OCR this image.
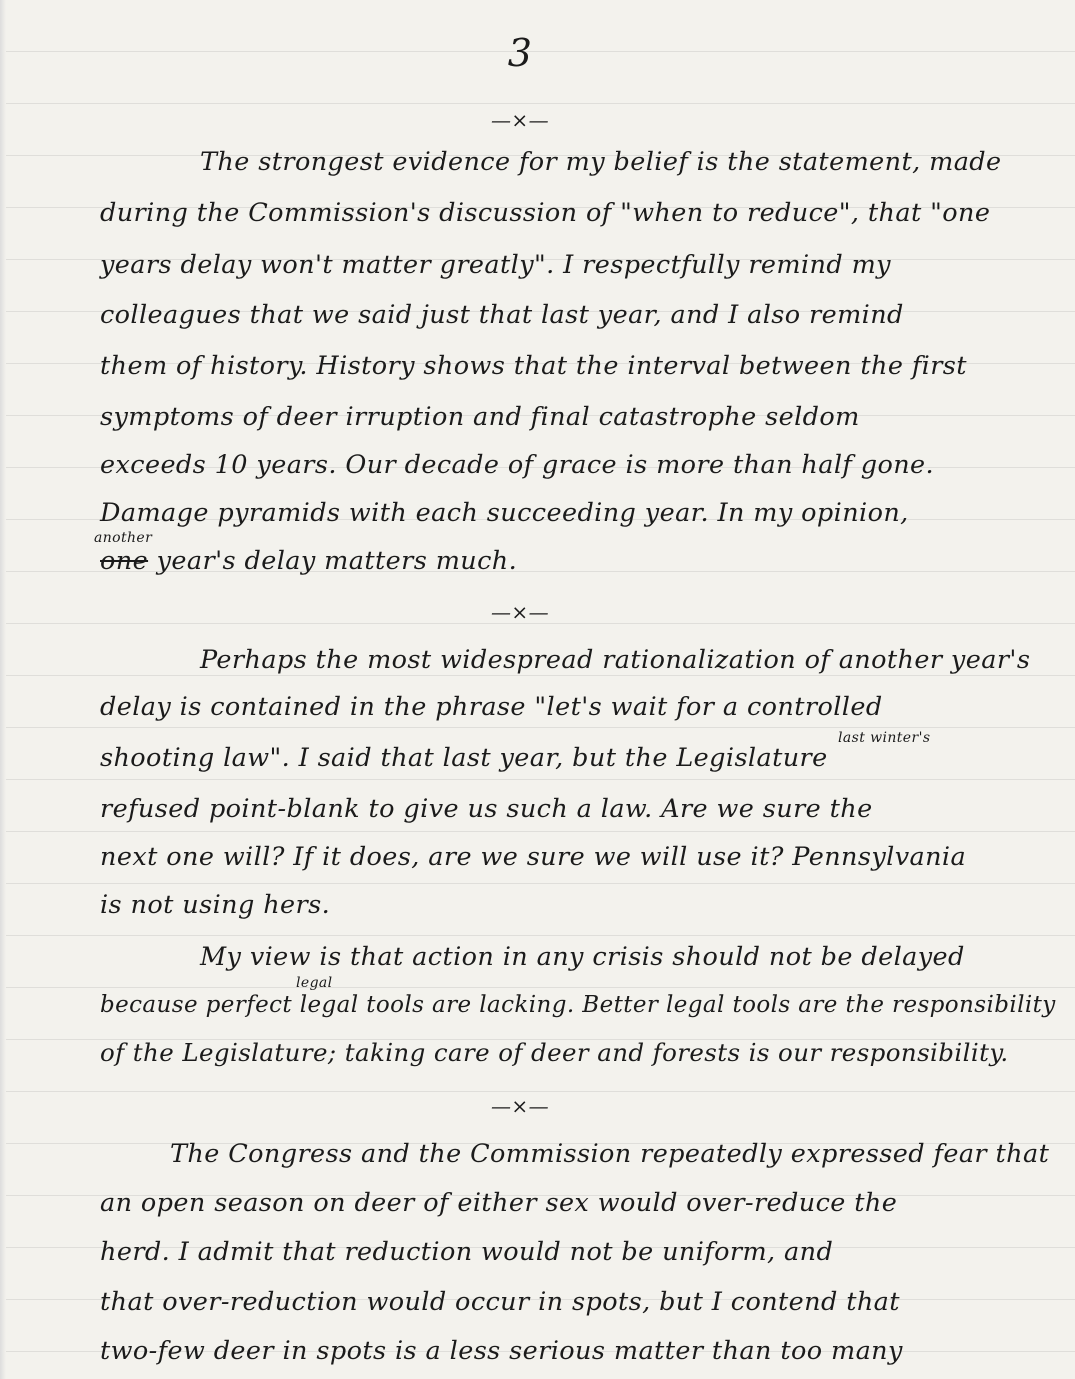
3
—×—
The strongest evidence for my belief is the statement, made
during the Commission's discussion of "when to reduce", that "one
years delay won't matter greatly". I respectfully remind my
colleagues that we said just that last year, and I also remind
them of history. History shows that the interval between the first
symptoms of deer irruption and final catastrophe seldom
exceeds 10 years. Our decade of grace is more than half gone.
Damage pyramids with each succeeding year. In my opinion,
another
one year's delay matters much.
—×—
Perhaps the most widespread rationalization of another year's
delay is contained in the phrase "let's wait for a controlled
last winter's
shooting law". I said that last year, but the Legislature
refused point-blank to give us such a law. Are we sure the
next one will? If it does, are we sure we will use it? Pennsylvania
is not using hers.
My view is that action in any crisis should not be delayed
legal
because perfect legal tools are lacking. Better legal tools are the responsibility
of the Legislature; taking care of deer and forests is our responsibility.
—×—
The Congress and the Commission repeatedly expressed fear that
an open season on deer of either sex would over-reduce the
herd. I admit that reduction would not be uniform, and
that over-reduction would occur in spots, but I contend that
two-few deer in spots is a less serious matter than too many
